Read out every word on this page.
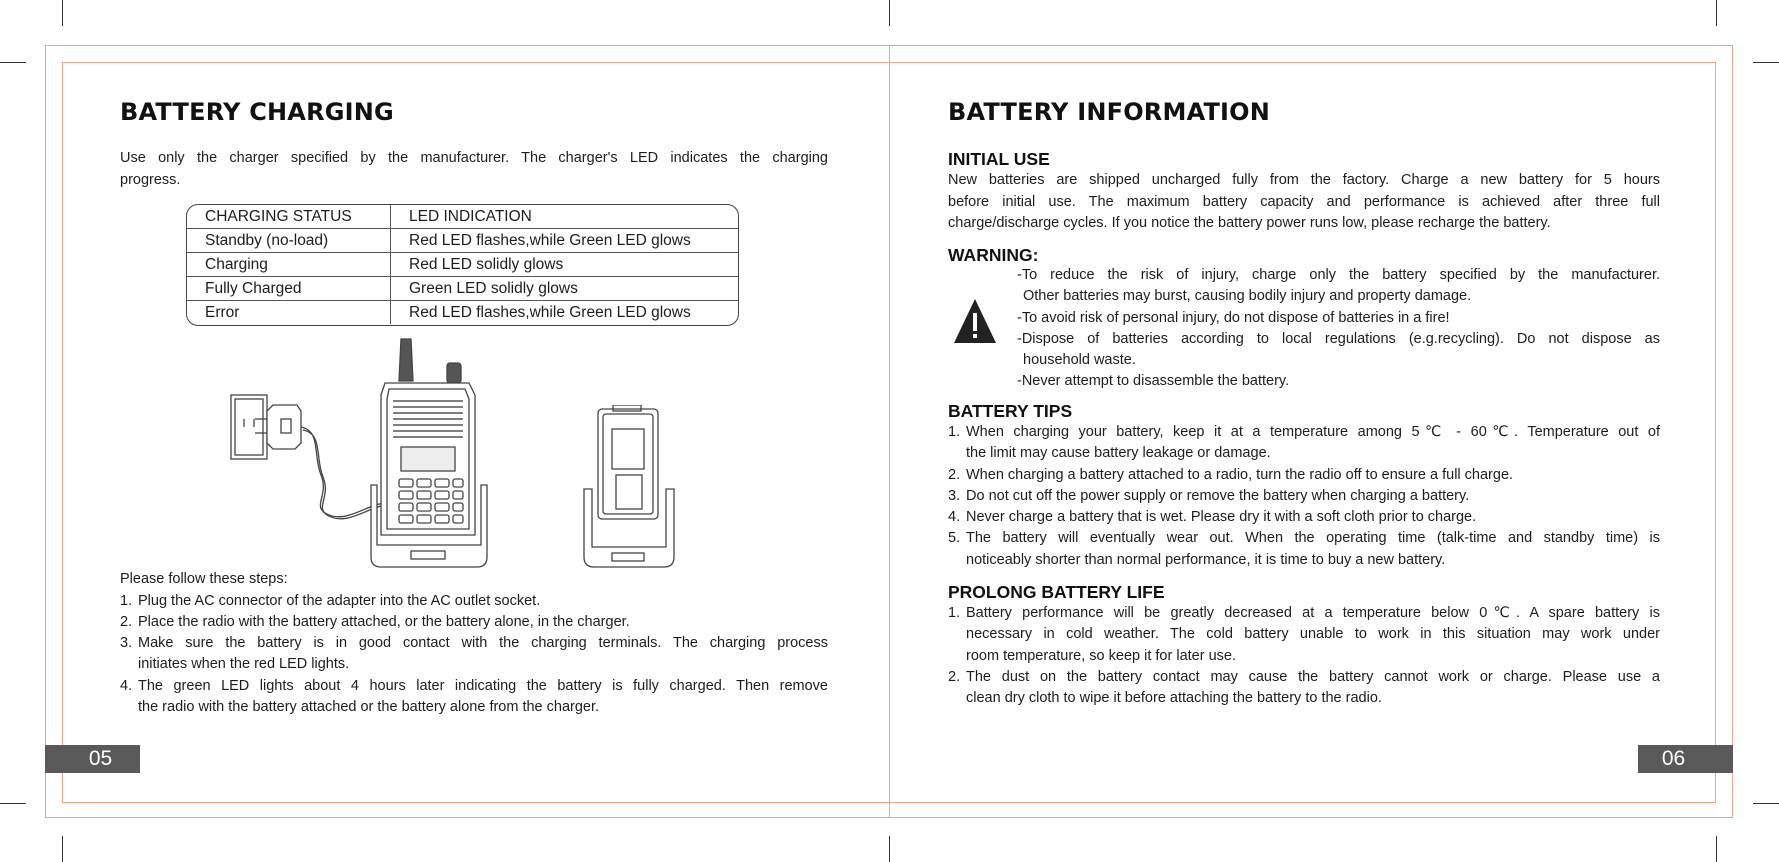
BATTERY CHARGING
Use only the charger specified by the manufacturer. The charger's LED indicates the charging
progress.
CHARGING STATUS	LED INDICATION
Standby (no-load)	Red LED flashes,while Green LED glows
Charging	Red LED solidly glows
Fully Charged	Green LED solidly glows
Error	Red LED flashes,while Green LED glows
Please follow these steps:
1. Plug the AC connector of the adapter into the AC outlet socket.
2. Place the radio with the battery attached, or the battery alone, in the charger.
3. Make sure the battery is in good contact with the charging terminals. The charging process
initiates when the red LED lights.
4. The green LED lights about 4 hours later indicating the battery is fully charged. Then remove
the radio with the battery attached or the battery alone from the charger.
05
BATTERY INFORMATION
INITIAL USE
New batteries are shipped uncharged fully from the factory. Charge a new battery for 5 hours
before initial use. The maximum battery capacity and performance is achieved after three full
charge/discharge cycles. If you notice the battery power runs low, please recharge the battery.
WARNING:
-To reduce the risk of injury, charge only the battery specified by the manufacturer.
Other batteries may burst, causing bodily injury and property damage.
-To avoid risk of personal injury, do not dispose of batteries in a fire!
-Dispose of batteries according to local regulations (e.g.recycling). Do not dispose as
household waste.
-Never attempt to disassemble the battery.
BATTERY TIPS
1. When charging your battery, keep it at a temperature among 5℃ - 60℃. Temperature out of
the limit may cause battery leakage or damage.
2. When charging a battery attached to a radio, turn the radio off to ensure a full charge.
3. Do not cut off the power supply or remove the battery when charging a battery.
4. Never charge a battery that is wet. Please dry it with a soft cloth prior to charge.
5. The battery will eventually wear out. When the operating time (talk-time and standby time) is
noticeably shorter than normal performance, it is time to buy a new battery.
PROLONG BATTERY LIFE
1. Battery performance will be greatly decreased at a temperature below 0℃. A spare battery is
necessary in cold weather. The cold battery unable to work in this situation may work under
room temperature, so keep it for later use.
2. The dust on the battery contact may cause the battery cannot work or charge. Please use a
clean dry cloth to wipe it before attaching the battery to the radio.
06
